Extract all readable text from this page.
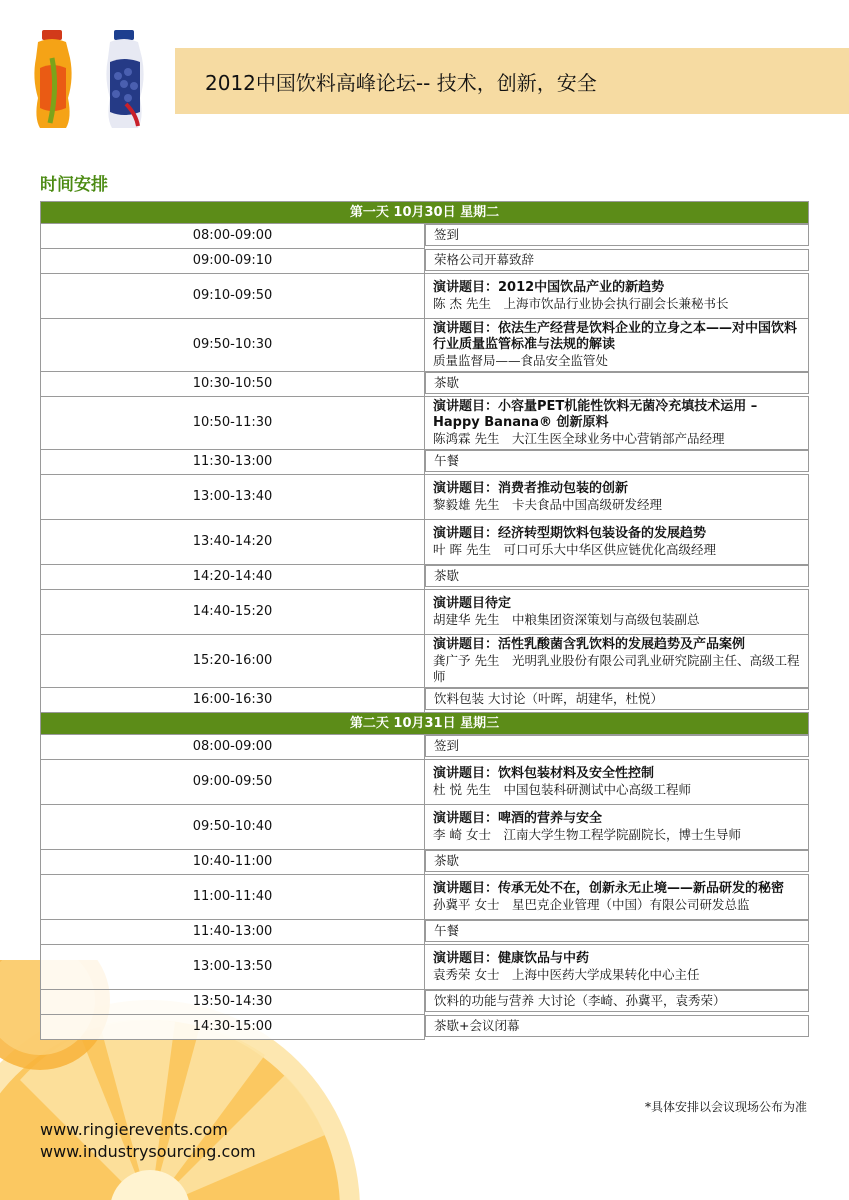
2012中国饮料高峰论坛-- 技术，创新，安全
时间安排
第一天 10月30日 星期二	
08:00-09:00		签到

09:00-09:10		荣格公司开幕致辞

09:10-09:50	演讲题目：2012中国饮品产业的新趋势
陈 杰 先生　上海市饮品行业协会执行副会长兼秘书长

09:50-10:30	演讲题目：依法生产经营是饮料企业的立身之本——对中国饮料行业质量监管标准与法规的解读
质量监督局——食品安全监管处

10:30-10:50		茶歇

10:50-11:30	演讲题目：小容量PET机能性饮料无菌冷充填技术运用 – Happy Banana® 创新原料
陈鸿霖 先生　大江生医全球业务中心营销部产品经理

11:30-13:00		午餐

13:00-13:40	演讲题目：消费者推动包装的创新
黎毅雄 先生　卡夫食品中国高级研发经理

13:40-14:20	演讲题目：经济转型期饮料包装设备的发展趋势
叶 晖 先生　可口可乐大中华区供应链优化高级经理

14:20-14:40		茶歇

14:40-15:20	演讲题目待定
胡建华 先生　中粮集团资深策划与高级包装副总

15:20-16:00	演讲题目：活性乳酸菌含乳饮料的发展趋势及产品案例
龚广予 先生　光明乳业股份有限公司乳业研究院副主任、高级工程师

16:00-16:30		饮料包装 大讨论（叶晖，胡建华，杜悦）

第二天 10月31日 星期三	
08:00-09:00		签到

09:00-09:50	演讲题目：饮料包装材料及安全性控制
杜 悦 先生　中国包装科研测试中心高级工程师

09:50-10:40	演讲题目：啤酒的营养与安全
李 崎 女士　江南大学生物工程学院副院长，博士生导师

10:40-11:00		茶歇

11:00-11:40	演讲题目：传承无处不在，创新永无止境——新品研发的秘密
孙冀平 女士　星巴克企业管理（中国）有限公司研发总监

11:40-13:00		午餐

13:00-13:50	演讲题目：健康饮品与中药
袁秀荣 女士　上海中医药大学成果转化中心主任

13:50-14:30		饮料的功能与营养 大讨论（李崎、孙冀平，袁秀荣）

14:30-15:00		茶歇+会议闭幕
*具体安排以会议现场公布为准
www.ringierevents.com
www.industrysourcing.com
